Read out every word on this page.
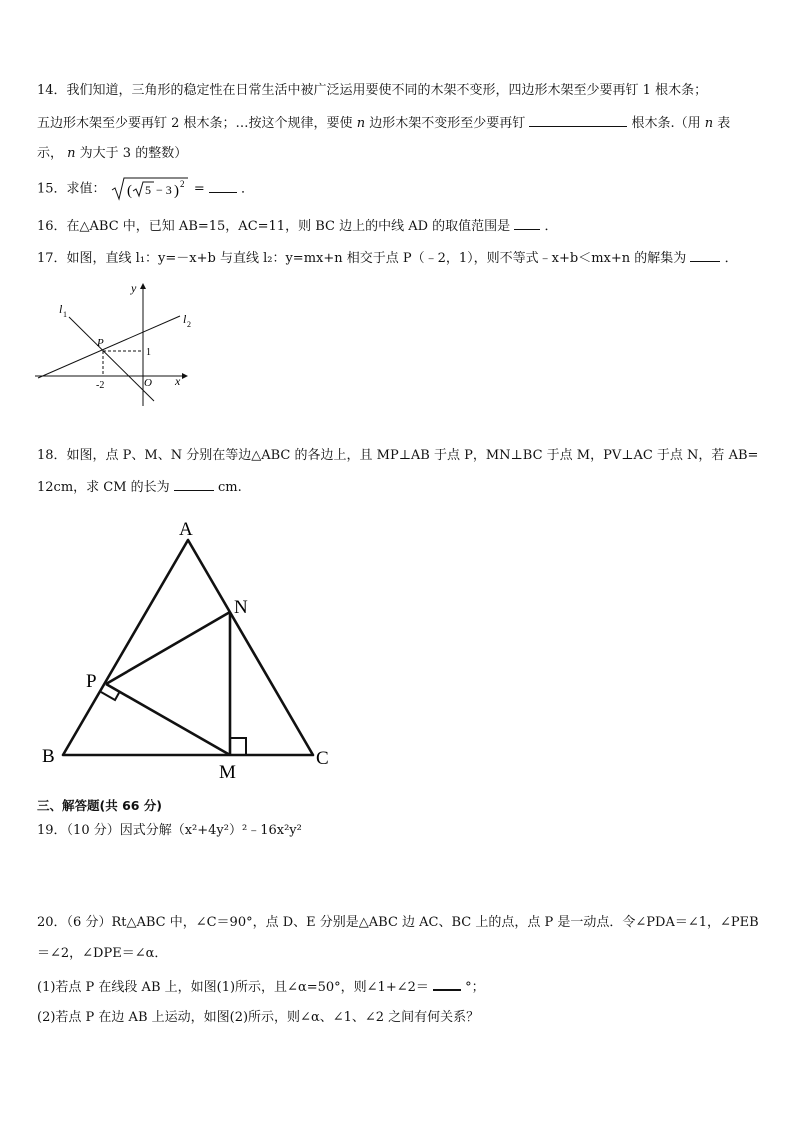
14．我们知道，三角形的稳定性在日常生活中被广泛运用要使不同的木架不变形，四边形木架至少要再钉 1 根木条；
五边形木架至少要再钉 2 根木条；…按这个规律，要使 n 边形木架不变形至少要再钉	根木条.（用 n 表
示， n 为大于 3 的整数）
15．求值： ( 5 − 3 ) 2 =	．
16．在△ABC 中，已知 AB=15，AC=11，则 BC 边上的中线 AD 的取值范围是	．
17．如图，直线 l₁：y=－x+b 与直线 l₂：y=mx+n 相交于点 P（﹣2，1），则不等式﹣x+b＜mx+n 的解集为	．
l 1	l 2
y
x
O
P
1
-2
18．如图，点 P、M、N 分别在等边△ABC 的各边上，且 MP⊥AB 于点 P，MN⊥BC 于点 M，PV⊥AC 于点 N，若 AB=
12cm，求 CM 的长为	cm.
A
B	C
N
P
M
三、解答题(共 66 分)
19．（10 分）因式分解（x²+4y²）²﹣16x²y²
20．（6 分）Rt△ABC 中，∠C＝90°，点 D、E 分别是△ABC 边 AC、BC 上的点，点 P 是一动点．令∠PDA＝∠1，∠PEB
＝∠2，∠DPE＝∠α．
(1)若点 P 在线段 AB 上，如图(1)所示，且∠α=50°，则∠1+∠2＝	°；
(2)若点 P 在边 AB 上运动，如图(2)所示，则∠α、∠1、∠2 之间有何关系？
